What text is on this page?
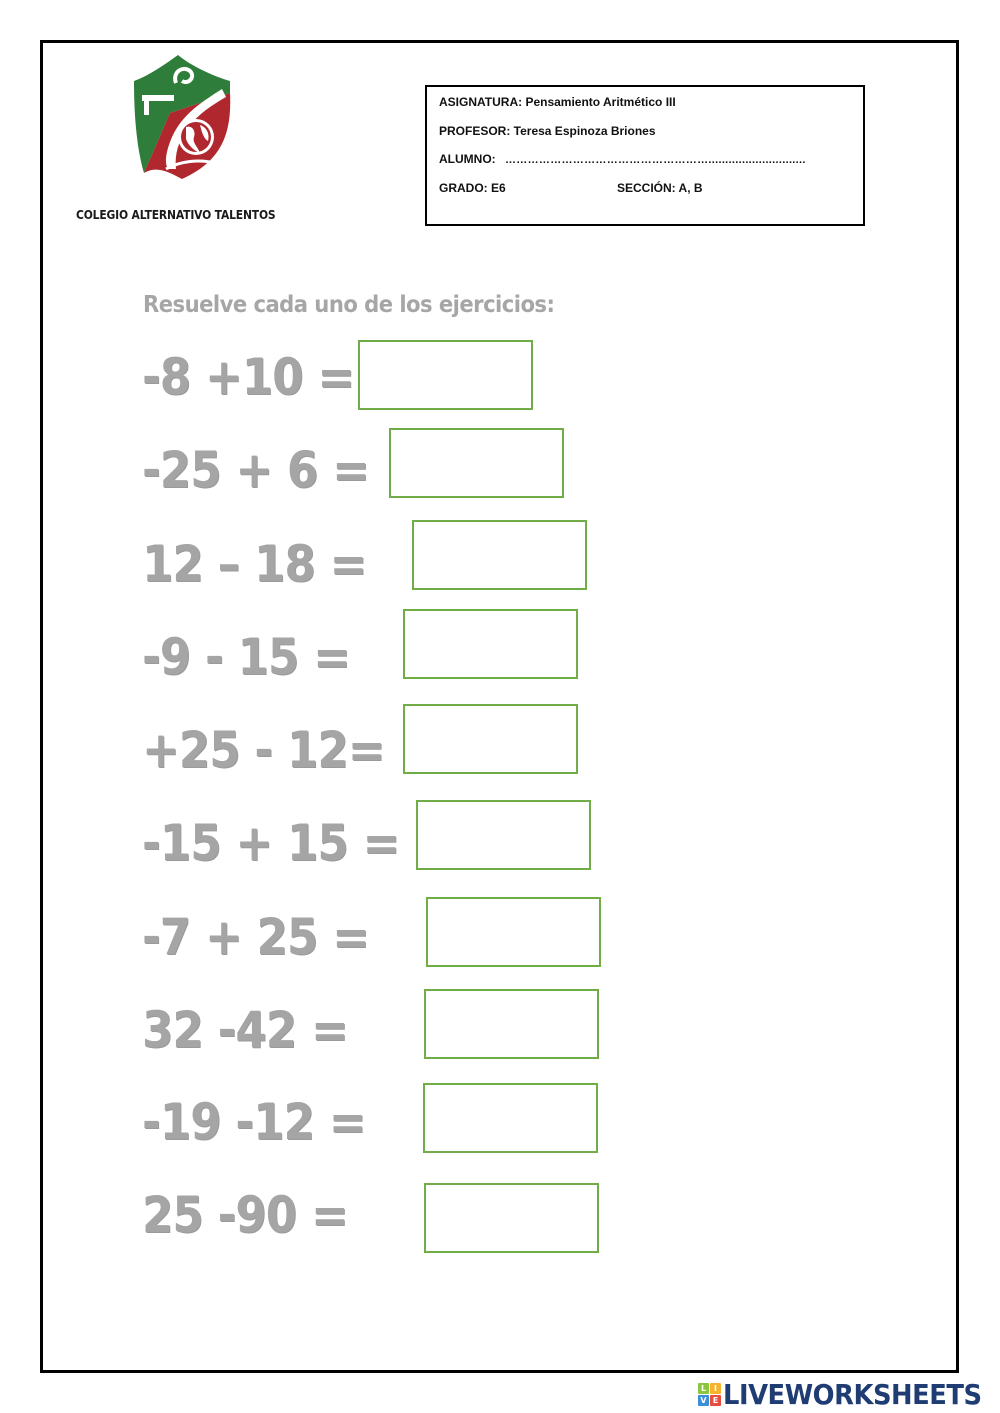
COLEGIO ALTERNATIVO TALENTOS
ASIGNATURA: Pensamiento Aritmético III
PROFESOR: Teresa Espinoza Briones
ALUMNO: ……………………………………………….............................
GRADO: E6	SECCIÓN: A, B
Resuelve cada uno de los ejercicios:
-8 +10 =
-25 + 6 =
12 – 18 =
-9 - 15 =
+25 - 12=
-15 + 15 =
-7 + 25 =
32 -42 =
-19 -12 =
25 -90 =
L I
V E LIVEWORKSHEETS
